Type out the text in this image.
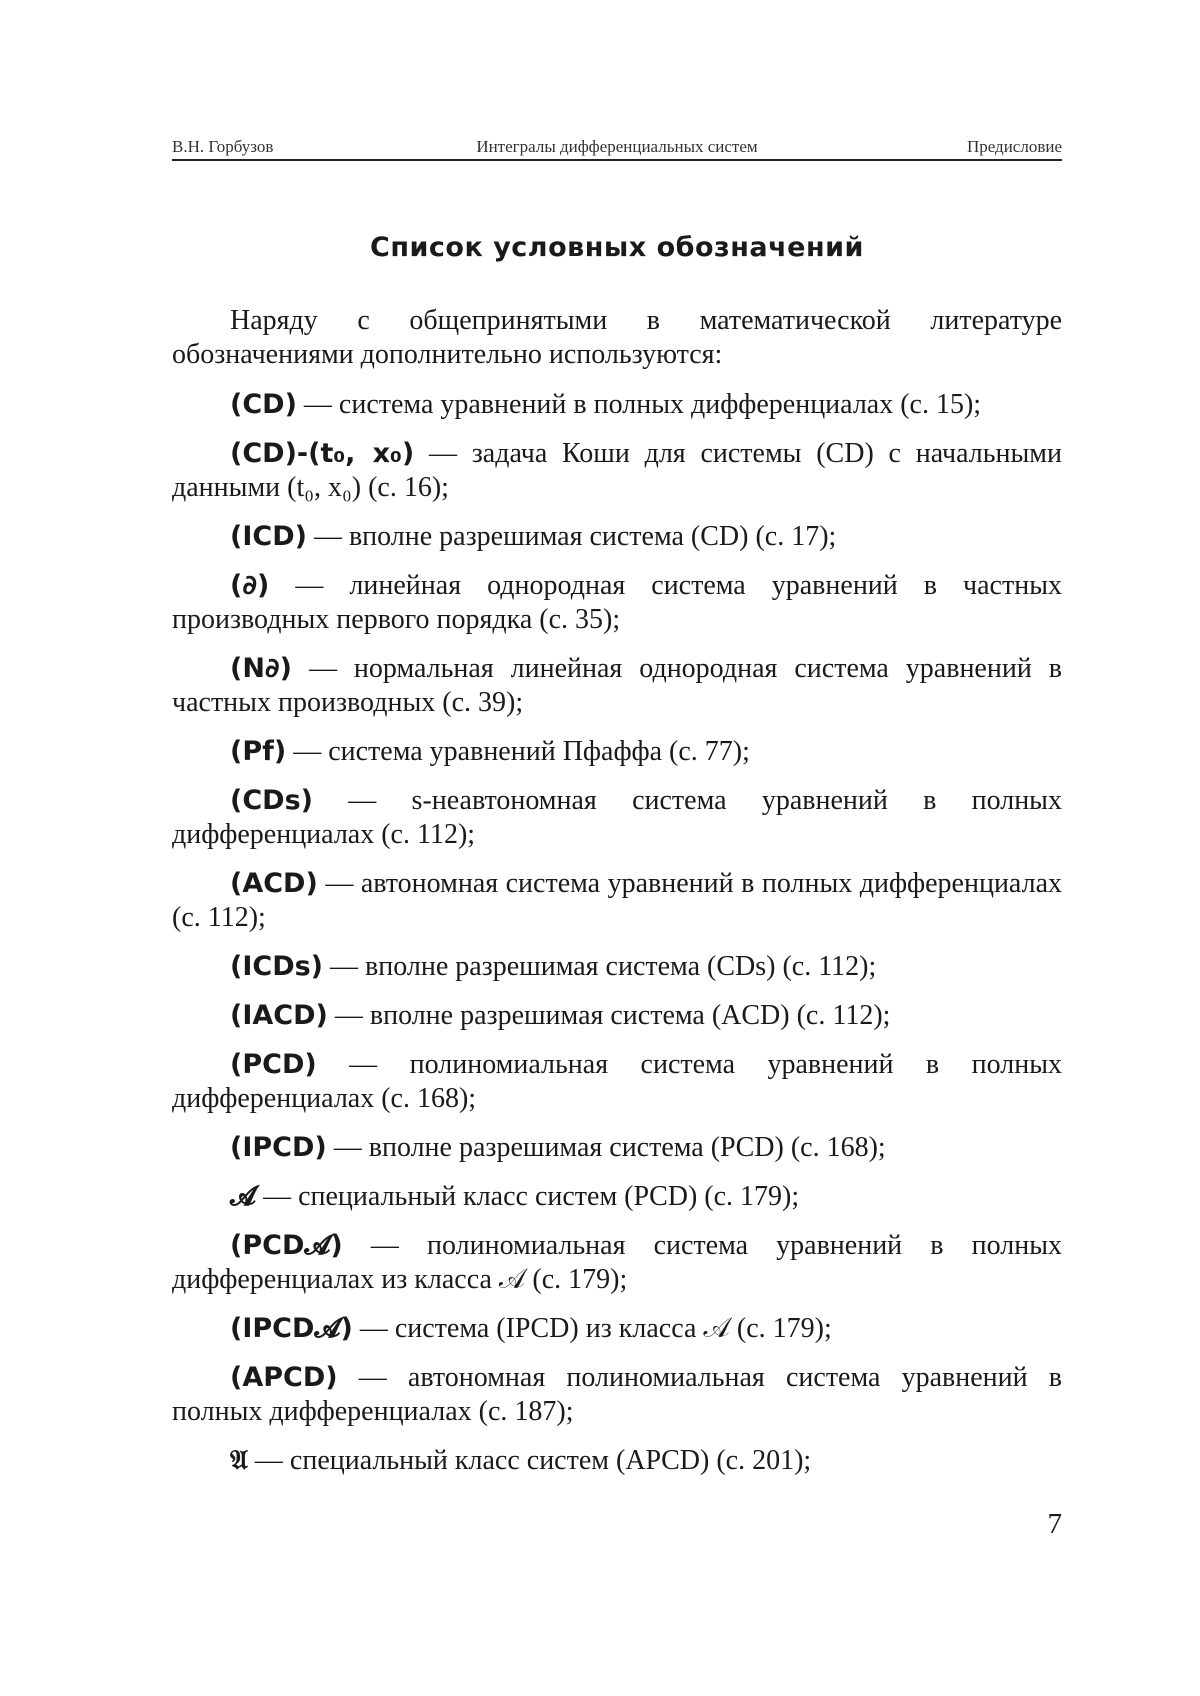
В.Н. Горбузов	Интегралы дифференциальных систем	Предисловие
Список условных обозначений

Наряду с общепринятыми в математической литературе обозначениями дополнительно используются:

(CD) — система уравнений в полных дифференциалах (с. 15);

(CD)-(t₀, x₀) — задача Коши для системы (CD) с начальными данными (t₀, x₀) (с. 16);

(ICD) — вполне разрешимая система (CD) (с. 17);

(∂) — линейная однородная система уравнений в частных производных первого порядка (с. 35);

(N∂) — нормальная линейная однородная система уравнений в частных производных (с. 39);

(Pf) — система уравнений Пфаффа (с. 77);

(CDs) — s-неавтономная система уравнений в полных дифференциалах (с. 112);

(ACD) — автономная система уравнений в полных дифференциалах (с. 112);

(ICDs) — вполне разрешимая система (CDs) (с. 112);

(IACD) — вполне разрешимая система (ACD) (с. 112);

(PCD) — полиномиальная система уравнений в полных дифференциалах (с. 168);

(IPCD) — вполне разрешимая система (PCD) (с. 168);

𝓐 — специальный класс систем (PCD) (с. 179);

(PCD𝓐) — полиномиальная система уравнений в полных дифференциалах из класса 𝒜 (с. 179);

(IPCD𝓐) — система (IPCD) из класса 𝒜 (с. 179);

(APCD) — автономная полиномиальная система уравнений в полных дифференциалах (с. 187);

𝔄 — специальный класс систем (APCD) (с. 201);

7
